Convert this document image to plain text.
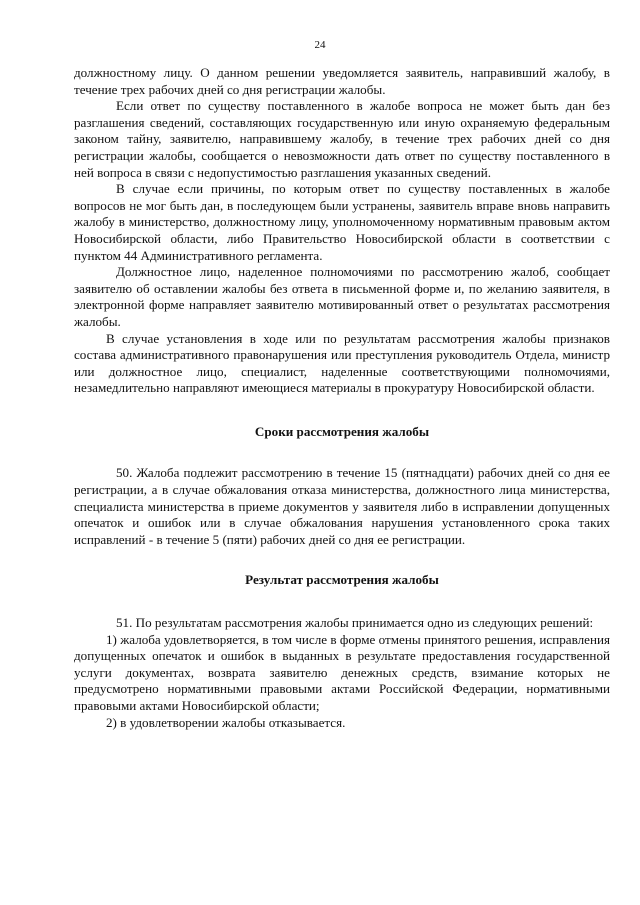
24

должностному лицу. О данном решении уведомляется заявитель, направивший жалобу, в течение трех рабочих дней со дня регистрации жалобы.

Если ответ по существу поставленного в жалобе вопроса не может быть дан без разглашения сведений, составляющих государственную или иную охраняемую федеральным законом тайну, заявителю, направившему жалобу, в течение трех рабочих дней со дня регистрации жалобы, сообщается о невозможности дать ответ по существу поставленного в ней вопроса в связи с недопустимостью разглашения указанных сведений.

В случае если причины, по которым ответ по существу поставленных в жалобе вопросов не мог быть дан, в последующем были устранены, заявитель вправе вновь направить жалобу в министерство, должностному лицу, уполномоченному нормативным правовым актом Новосибирской области, либо Правительство Новосибирской области в соответствии с пунктом 44 Административного регламента.

Должностное лицо, наделенное полномочиями по рассмотрению жалоб, сообщает заявителю об оставлении жалобы без ответа в письменной форме и, по желанию заявителя, в электронной форме направляет заявителю мотивированный ответ о результатах рассмотрения жалобы.

В случае установления в ходе или по результатам рассмотрения жалобы признаков состава административного правонарушения или преступления руководитель Отдела, министр или должностное лицо, специалист, наделенные соответствующими полномочиями, незамедлительно направляют имеющиеся материалы в прокуратуру Новосибирской области.

Сроки рассмотрения жалобы

50. Жалоба подлежит рассмотрению в течение 15 (пятнадцати) рабочих дней со дня ее регистрации, а в случае обжалования отказа министерства, должностного лица министерства, специалиста министерства в приеме документов у заявителя либо в исправлении допущенных опечаток и ошибок или в случае обжалования нарушения установленного срока таких исправлений - в течение 5 (пяти) рабочих дней со дня ее регистрации.

Результат рассмотрения жалобы

51. По результатам рассмотрения жалобы принимается одно из следующих решений:

1) жалоба удовлетворяется, в том числе в форме отмены принятого решения, исправления допущенных опечаток и ошибок в выданных в результате предоставления государственной услуги документах, возврата заявителю денежных средств, взимание которых не предусмотрено нормативными правовыми актами Российской Федерации, нормативными правовыми актами Новосибирской области;

2) в удовлетворении жалобы отказывается.
